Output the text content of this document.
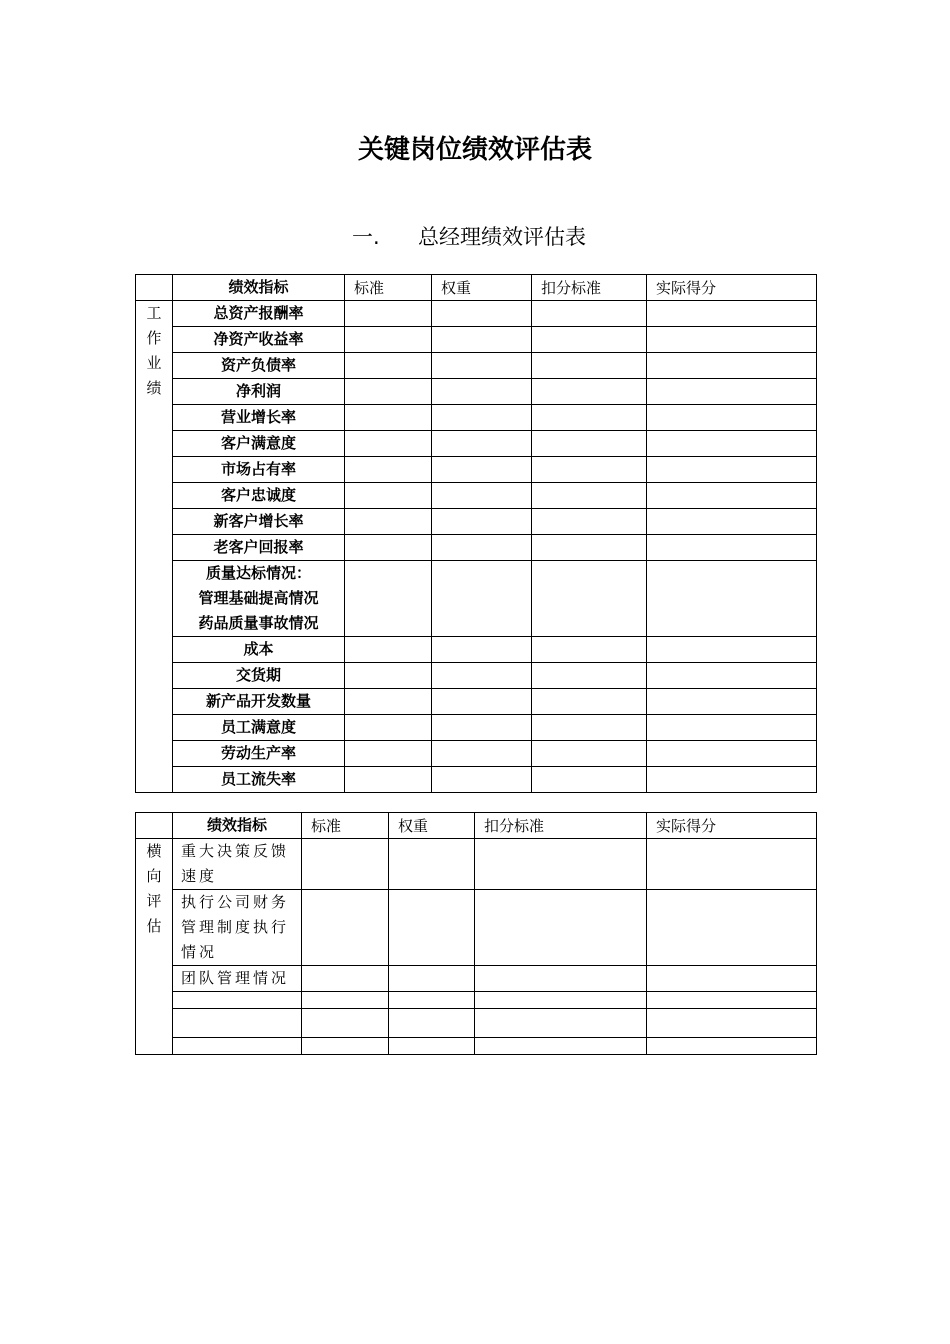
关键岗位绩效评估表
一. 总经理绩效评估表
	绩效指标	标准	权重	扣分标准	实际得分

工
作
业
绩	总资产报酬率				
	净资产收益率				
	资产负债率				
	净利润				
	营业增长率				
	客户满意度				
	市场占有率				
	客户忠诚度				
	新客户增长率				
	老客户回报率				
	质量达标情况：
管理基础提高情况
药品质量事故情况				
	成本				
	交货期				
	新产品开发数量				
	员工满意度				
	劳动生产率				
	员工流失率				
	绩效指标	标准	权重	扣分标准	实际得分

横
向
评
估	重大决策反馈速度				
	执行公司财务管理制度执行情况				
	团队管理情况				
